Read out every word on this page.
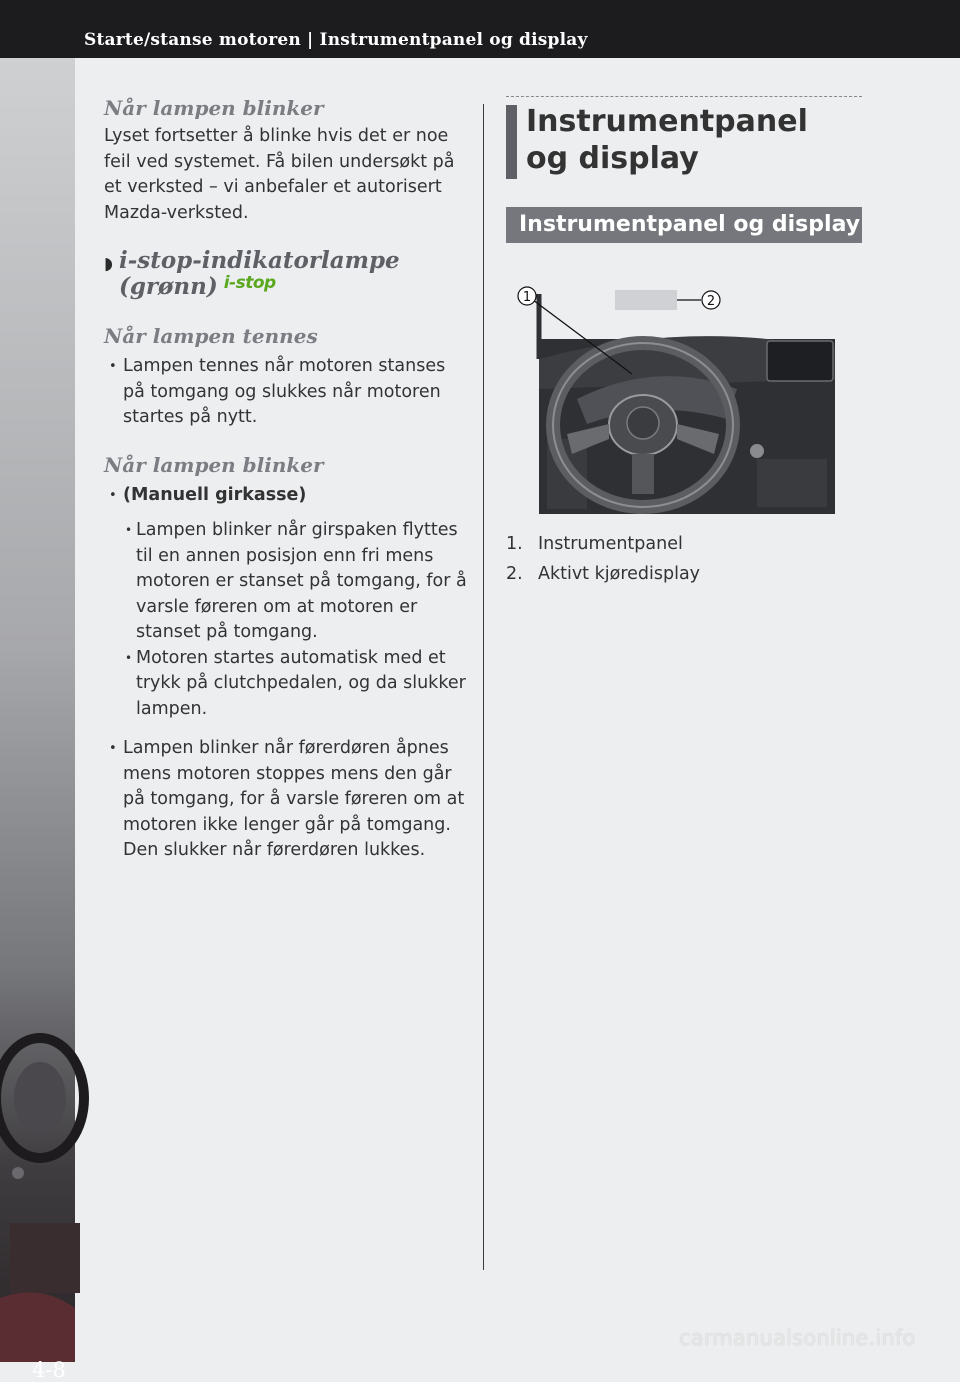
Starte/stanse motoren | Instrumentpanel og display
4-8

Når lampen blinker

Lyset fortsetter å blinke hvis det er noe feil ved systemet. Få bilen undersøkt på et verksted – vi anbefaler et autorisert Mazda-verksted.

◗ i-stop-indikatorlampe
(grønn) $^{i-stop}$

Når lampen tennes

• Lampen tennes når motoren stanses på tomgang og slukkes når motoren startes på nytt.

Når lampen blinker

• (Manuell girkasse)
• Lampen blinker når girspaken flyttes til en annen posisjon enn fri mens motoren er stanset på tomgang, for å varsle føreren om at motoren er stanset på tomgang.
• Motoren startes automatisk med et trykk på clutchpedalen, og da slukker lampen.
• Lampen blinker når førerdøren åpnes mens motoren stoppes mens den går på tomgang, for å varsle føreren om at motoren ikke lenger går på tomgang. Den slukker når førerdøren lukkes.
Instrumentpanel
og display
Instrumentpanel og display
1	2
1. Instrumentpanel
2. Aktivt kjøredisplay
carmanualsonline.info
